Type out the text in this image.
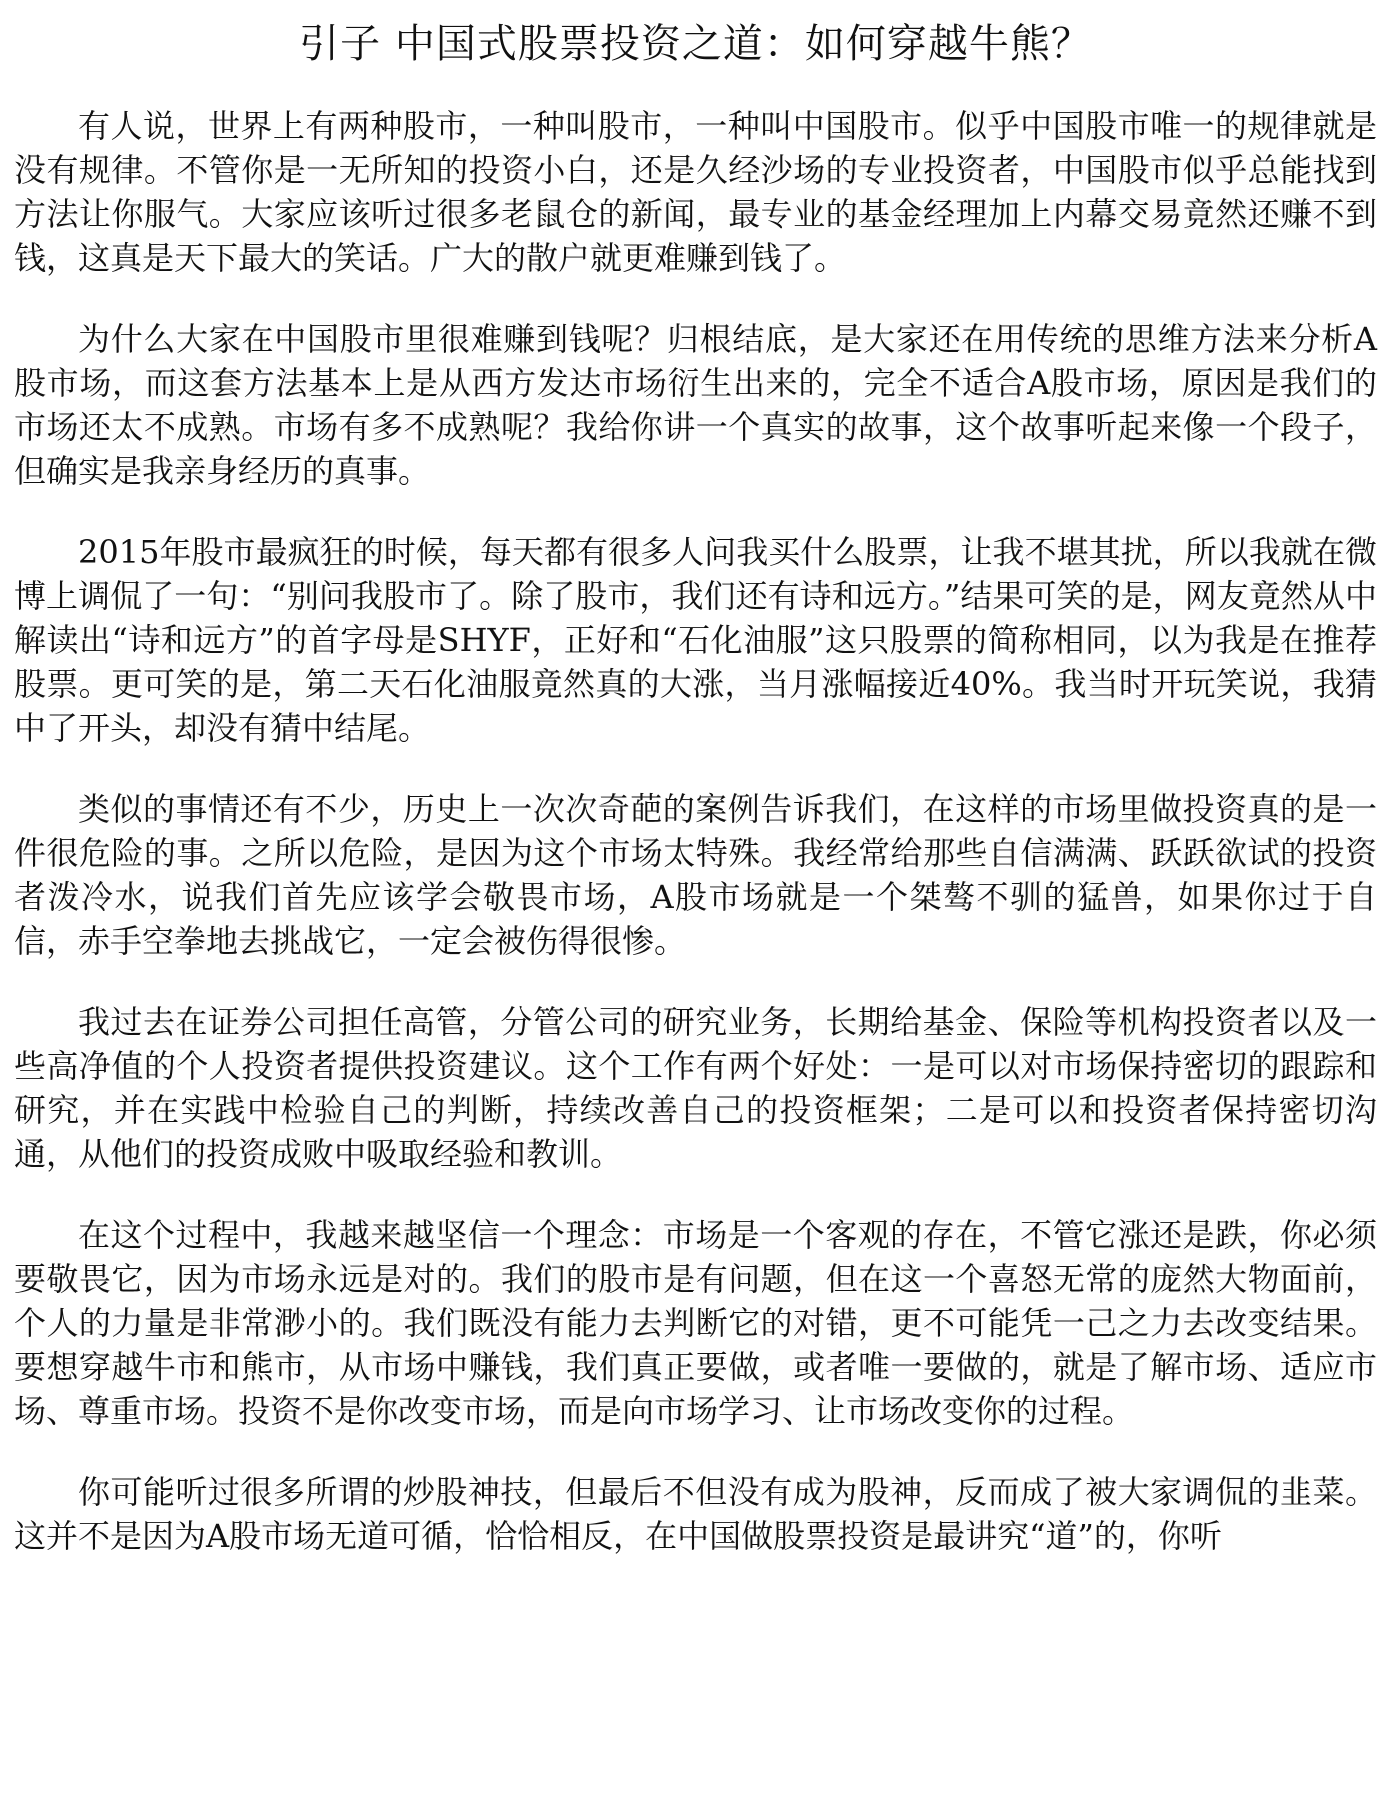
引子 中国式股票投资之道：如何穿越牛熊？

有人说，世界上有两种股市，一种叫股市，一种叫中国股市。似乎中国股市唯一的规律就是没有规律。不管你是一无所知的投资小白，还是久经沙场的专业投资者，中国股市似乎总能找到方法让你服气。大家应该听过很多老鼠仓的新闻，最专业的基金经理加上内幕交易竟然还赚不到钱，这真是天下最大的笑话。广大的散户就更难赚到钱了。

为什么大家在中国股市里很难赚到钱呢？归根结底，是大家还在用传统的思维方法来分析A股市场，而这套方法基本上是从西方发达市场衍生出来的，完全不适合A股市场，原因是我们的市场还太不成熟。市场有多不成熟呢？我给你讲一个真实的故事，这个故事听起来像一个段子，但确实是我亲身经历的真事。

2015年股市最疯狂的时候，每天都有很多人问我买什么股票，让我不堪其扰，所以我就在微博上调侃了一句：“别问我股市了。除了股市，我们还有诗和远方。”结果可笑的是，网友竟然从中解读出“诗和远方”的首字母是SHYF，正好和“石化油服”这只股票的简称相同，以为我是在推荐股票。更可笑的是，第二天石化油服竟然真的大涨，当月涨幅接近40%。我当时开玩笑说，我猜中了开头，却没有猜中结尾。

类似的事情还有不少，历史上一次次奇葩的案例告诉我们，在这样的市场里做投资真的是一件很危险的事。之所以危险，是因为这个市场太特殊。我经常给那些自信满满、跃跃欲试的投资者泼冷水，说我们首先应该学会敬畏市场，A股市场就是一个桀骜不驯的猛兽，如果你过于自信，赤手空拳地去挑战它，一定会被伤得很惨。

我过去在证券公司担任高管，分管公司的研究业务，长期给基金、保险等机构投资者以及一些高净值的个人投资者提供投资建议。这个工作有两个好处：一是可以对市场保持密切的跟踪和研究，并在实践中检验自己的判断，持续改善自己的投资框架；二是可以和投资者保持密切沟通，从他们的投资成败中吸取经验和教训。

在这个过程中，我越来越坚信一个理念：市场是一个客观的存在，不管它涨还是跌，你必须要敬畏它，因为市场永远是对的。我们的股市是有问题，但在这一个喜怒无常的庞然大物面前，个人的力量是非常渺小的。我们既没有能力去判断它的对错，更不可能凭一己之力去改变结果。要想穿越牛市和熊市，从市场中赚钱，我们真正要做，或者唯一要做的，就是了解市场、适应市场、尊重市场。投资不是你改变市场，而是向市场学习、让市场改变你的过程。

你可能听过很多所谓的炒股神技，但最后不但没有成为股神，反而成了被大家调侃的韭菜。这并不是因为A股市场无道可循，恰恰相反，在中国做股票投资是最讲究“道”的，你听
